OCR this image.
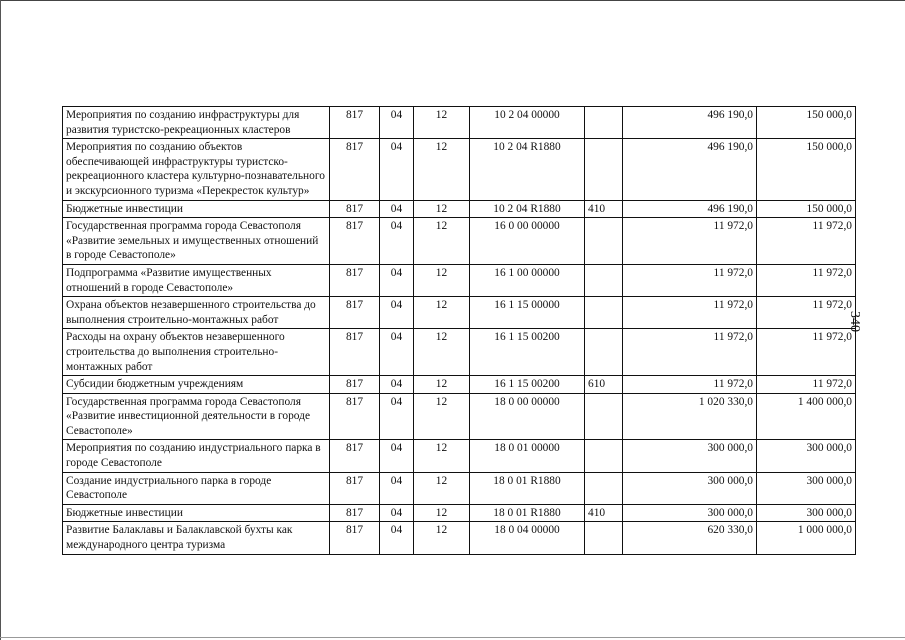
340
Мероприятия по созданию инфраструктуры для развития туристско-рекреационных кластеров	817	04	12	10 2 04 00000		496 190,0	150 000,0
Мероприятия по созданию объектов обеспечивающей инфраструктуры туристско-рекреационного кластера культурно-познавательного и экскурсионного туризма «Перекресток культур»	817	04	12	10 2 04 R1880		496 190,0	150 000,0
Бюджетные инвестиции	817	04	12	10 2 04 R1880	410	496 190,0	150 000,0
Государственная программа города Севастополя «Развитие земельных и имущественных отношений в городе Севастополе»	817	04	12	16 0 00 00000		11 972,0	11 972,0
Подпрограмма «Развитие имущественных отношений в городе Севастополе»	817	04	12	16 1 00 00000		11 972,0	11 972,0
Охрана объектов незавершенного строительства до выполнения строительно-монтажных работ	817	04	12	16 1 15 00000		11 972,0	11 972,0
Расходы на охрану объектов незавершенного строительства до выполнения строительно-монтажных работ	817	04	12	16 1 15 00200		11 972,0	11 972,0
Субсидии бюджетным учреждениям	817	04	12	16 1 15 00200	610	11 972,0	11 972,0
Государственная программа города Севастополя «Развитие инвестиционной деятельности в городе Севастополе»	817	04	12	18 0 00 00000		1 020 330,0	1 400 000,0
Мероприятия по созданию индустриального парка в городе Севастополе	817	04	12	18 0 01 00000		300 000,0	300 000,0
Создание индустриального парка в городе Севастополе	817	04	12	18 0 01 R1880		300 000,0	300 000,0
Бюджетные инвестиции	817	04	12	18 0 01 R1880	410	300 000,0	300 000,0
Развитие Балаклавы и Балаклавской бухты как международного центра туризма	817	04	12	18 0 04 00000		620 330,0	1 000 000,0
